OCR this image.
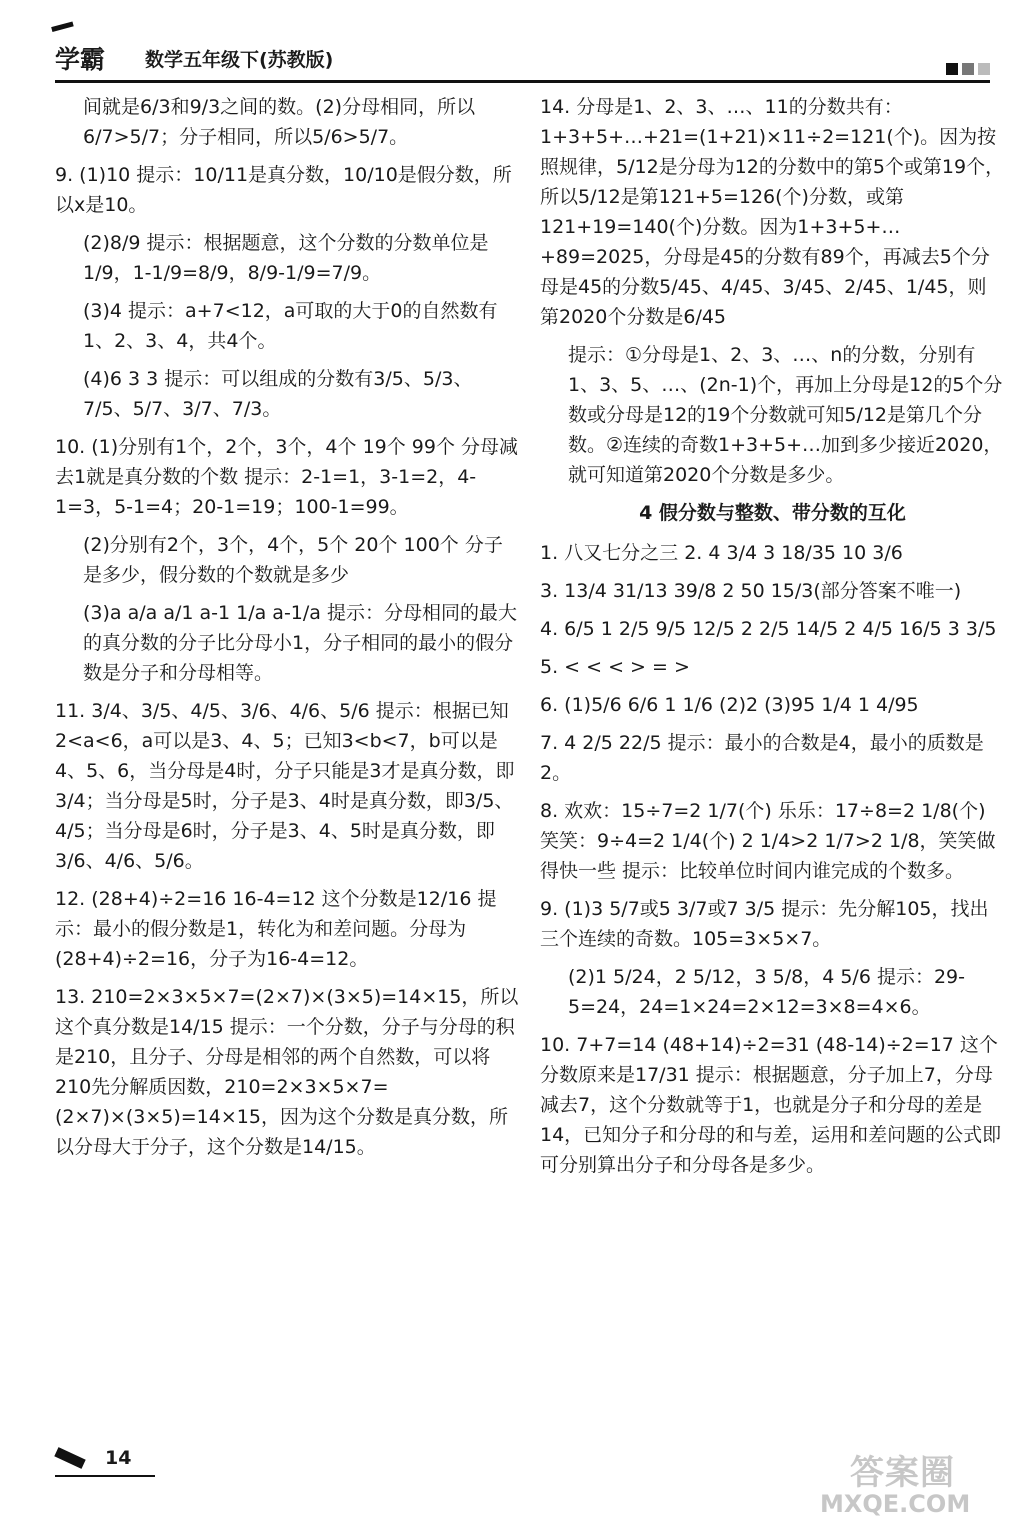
学霸 数学五年级下(苏教版)
间就是6/3和9/3之间的数。(2)分母相同，所以6/7>5/7；分子相同，所以5/6>5/7。
9. (1)10 提示：10/11是真分数，10/10是假分数，所以x是10。
(2)8/9 提示：根据题意，这个分数的分数单位是1/9，1-1/9=8/9，8/9-1/9=7/9。
(3)4 提示：a+7<12，a可取的大于0的自然数有1、2、3、4，共4个。
(4)6 3 3 提示：可以组成的分数有3/5、5/3、7/5、5/7、3/7、7/3。
10. (1)分别有1个，2个，3个，4个 19个 99个 分母减去1就是真分数的个数 提示：2-1=1，3-1=2，4-1=3，5-1=4；20-1=19；100-1=99。
(2)分别有2个，3个，4个，5个 20个 100个 分子是多少，假分数的个数就是多少
(3)a a/a a/1 a-1 1/a a-1/a 提示：分母相同的最大的真分数的分子比分母小1，分子相同的最小的假分数是分子和分母相等。
11. 3/4、3/5、4/5、3/6、4/6、5/6 提示：根据已知2<a<6，a可以是3、4、5；已知3<b<7，b可以是4、5、6，当分母是4时，分子只能是3才是真分数，即3/4；当分母是5时，分子是3、4时是真分数，即3/5、4/5；当分母是6时，分子是3、4、5时是真分数，即3/6、4/6、5/6。
12. (28+4)÷2=16 16-4=12 这个分数是12/16 提示：最小的假分数是1，转化为和差问题。分母为(28+4)÷2=16，分子为16-4=12。
13. 210=2×3×5×7=(2×7)×(3×5)=14×15，所以这个真分数是14/15 提示：一个分数，分子与分母的积是210，且分子、分母是相邻的两个自然数，可以将210先分解质因数，210=2×3×5×7=(2×7)×(3×5)=14×15，因为这个分数是真分数，所以分母大于分子，这个分数是14/15。
14. 分母是1、2、3、…、11的分数共有：1+3+5+…+21=(1+21)×11÷2=121(个)。因为按照规律，5/12是分母为12的分数中的第5个或第19个，所以5/12是第121+5=126(个)分数，或第121+19=140(个)分数。因为1+3+5+…+89=2025，分母是45的分数有89个，再减去5个分母是45的分数5/45、4/45、3/45、2/45、1/45，则第2020个分数是6/45
提示：①分母是1、2、3、…、n的分数，分别有1、3、5、…、(2n-1)个，再加上分母是12的5个分数或分母是12的19个分数就可知5/12是第几个分数。②连续的奇数1+3+5+…加到多少接近2020，就可知道第2020个分数是多少。
4 假分数与整数、带分数的互化
1. 八又七分之三 2. 4 3/4 3 18/35 10 3/6
3. 13/4 31/13 39/8 2 50 15/3(部分答案不唯一)
4. 6/5 1 2/5 9/5 12/5 2 2/5 14/5 2 4/5 16/5 3 3/5
5. < < < > = >
6. (1)5/6 6/6 1 1/6 (2)2 (3)95 1/4 1 4/95
7. 4 2/5 22/5 提示：最小的合数是4，最小的质数是2。
8. 欢欢：15÷7=2 1/7(个) 乐乐：17÷8=2 1/8(个) 笑笑：9÷4=2 1/4(个) 2 1/4>2 1/7>2 1/8，笑笑做得快一些 提示：比较单位时间内谁完成的个数多。
9. (1)3 5/7或5 3/7或7 3/5 提示：先分解105，找出三个连续的奇数。105=3×5×7。
(2)1 5/24，2 5/12，3 5/8，4 5/6 提示：29-5=24，24=1×24=2×12=3×8=4×6。
10. 7+7=14 (48+14)÷2=31 (48-14)÷2=17 这个分数原来是17/31 提示：根据题意，分子加上7，分母减去7，这个分数就等于1，也就是分子和分母的差是14，已知分子和分母的和与差，运用和差问题的公式即可分别算出分子和分母各是多少。
14	答案圈
MXQE.COM
